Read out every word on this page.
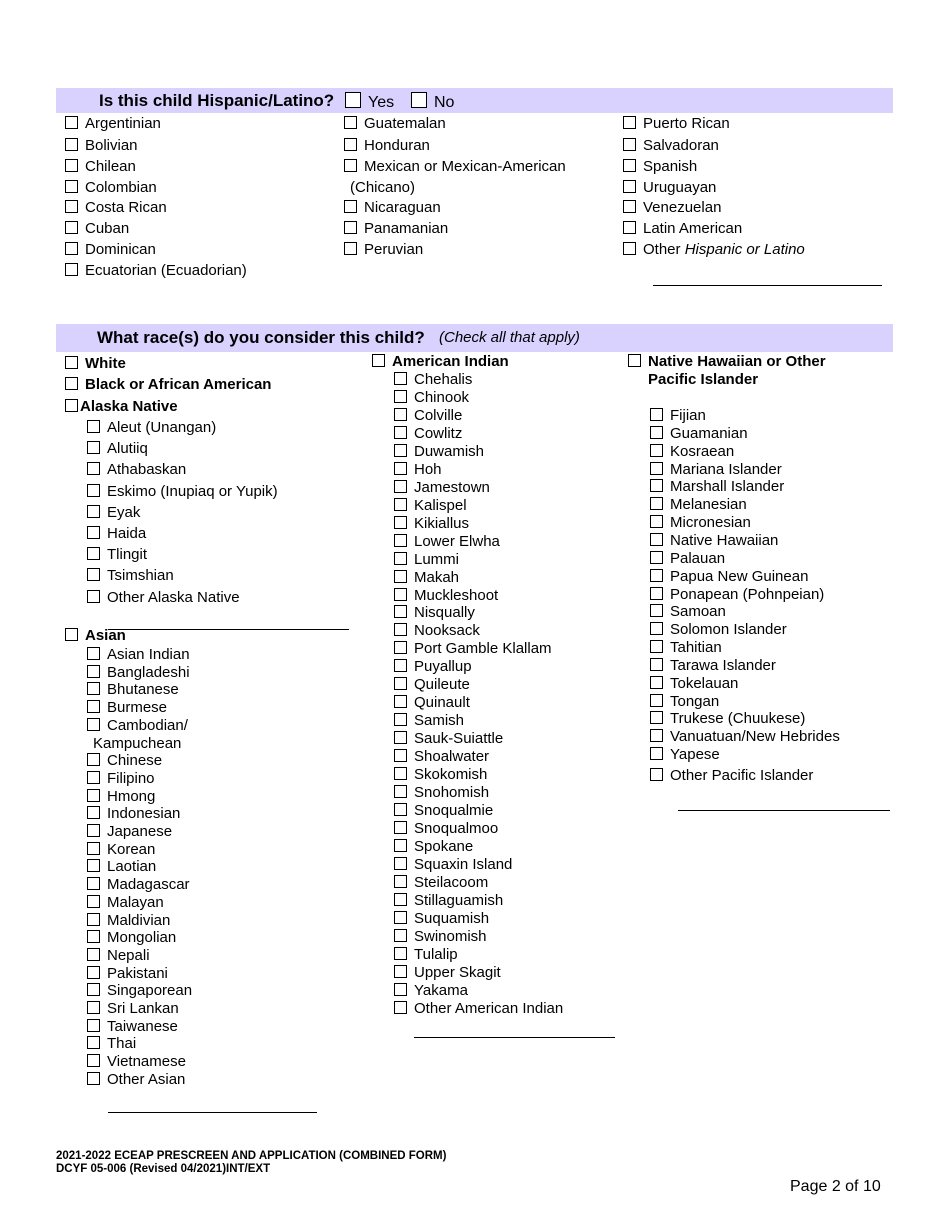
Is this child Hispanic/Latino?	Yes	No
Argentinian
Bolivian
Chilean
Colombian
Costa Rican
Cuban
Dominican
Ecuatorian (Ecuadorian)
Guatemalan
Honduran
Mexican or Mexican-American
(Chicano)
Nicaraguan
Panamanian
Peruvian
Puerto Rican
Salvadoran
Spanish
Uruguayan
Venezuelan
Latin American
Other Hispanic or Latino
What race(s) do you consider this child? (Check all that apply)
White
Black or African American
Alaska Native
Aleut (Unangan)
Alutiiq
Athabaskan
Eskimo (Inupiaq or Yupik)
Eyak
Haida
Tlingit
Tsimshian
Other Alaska Native
Asian
Asian Indian
Bangladeshi
Bhutanese
Burmese
Cambodian/
Kampuchean
Chinese
Filipino
Hmong
Indonesian
Japanese
Korean
Laotian
Madagascar
Malayan
Maldivian
Mongolian
Nepali
Pakistani
Singaporean
Sri Lankan
Taiwanese
Thai
Vietnamese
Other Asian
American Indian
Chehalis
Chinook
Colville
Cowlitz
Duwamish
Hoh
Jamestown
Kalispel
Kikiallus
Lower Elwha
Lummi
Makah
Muckleshoot
Nisqually
Nooksack
Port Gamble Klallam
Puyallup
Quileute
Quinault
Samish
Sauk-Suiattle
Shoalwater
Skokomish
Snohomish
Snoqualmie
Snoqualmoo
Spokane
Squaxin Island
Steilacoom
Stillaguamish
Suquamish
Swinomish
Tulalip
Upper Skagit
Yakama
Other American Indian
Native Hawaiian or Other
Pacific Islander
Fijian
Guamanian
Kosraean
Mariana Islander
Marshall Islander
Melanesian
Micronesian
Native Hawaiian
Palauan
Papua New Guinean
Ponapean (Pohnpeian)
Samoan
Solomon Islander
Tahitian
Tarawa Islander
Tokelauan
Tongan
Trukese (Chuukese)
Vanuatuan/New Hebrides
Yapese
Other Pacific Islander
2021-2022 ECEAP PRESCREEN AND APPLICATION (COMBINED FORM)
DCYF 05-006 (Revised 04/2021)INT/EXT
Page 2 of 10
